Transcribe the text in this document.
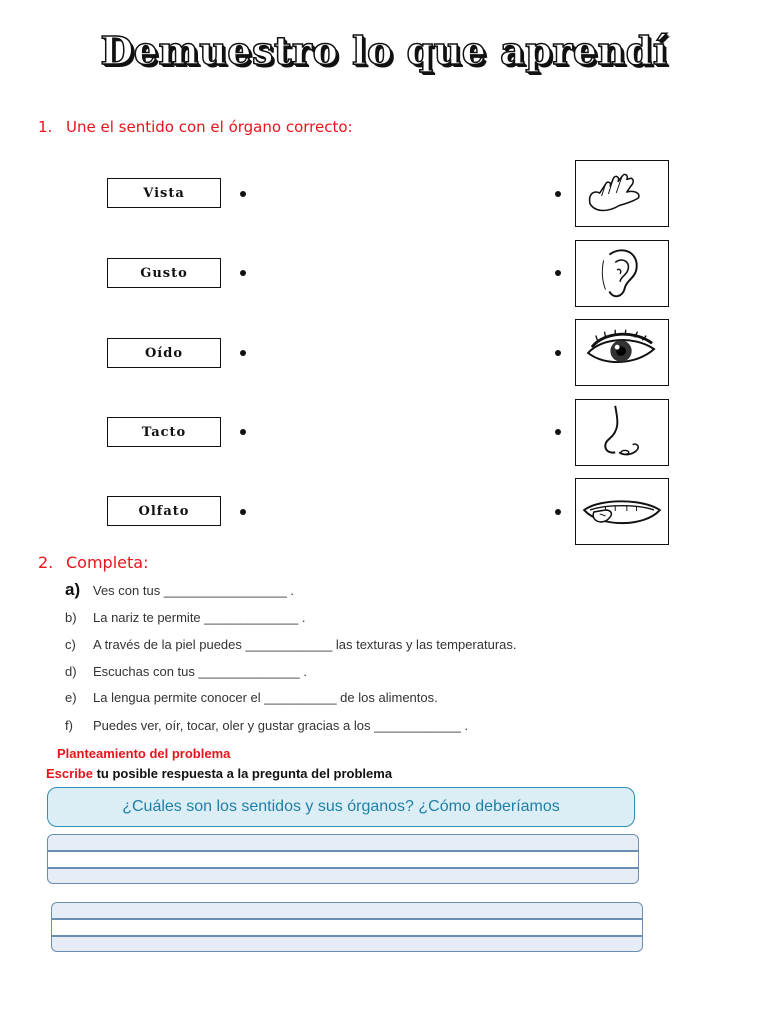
Demuestro lo que aprendí
1. Une el sentido con el órgano correcto:
Vista
Gusto
Oído
Tacto
Olfato
2. Completa:
a) Ves con tus _________________ .
b) La nariz te permite _____________ .
c) A través de la piel puedes ____________ las texturas y las temperaturas.
d) Escuchas con tus ______________ .
e) La lengua permite conocer el __________ de los alimentos.
f) Puedes ver, oír, tocar, oler y gustar gracias a los ____________ .
Planteamiento del problema
Escribe tu posible respuesta a la pregunta del problema
¿Cuáles son los sentidos y sus órganos? ¿Cómo deberíamos
